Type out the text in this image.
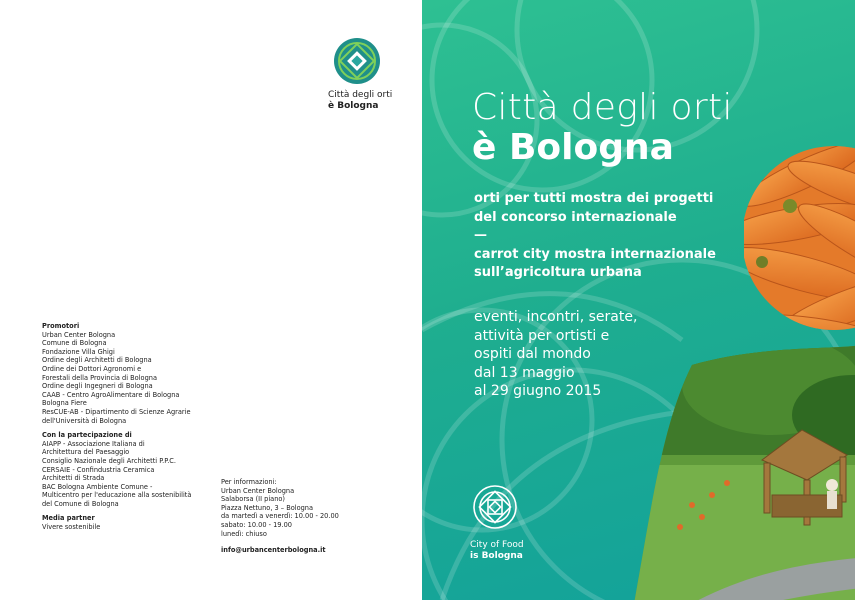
Città degli orti
è Bologna
Promotori
Urban Center Bologna
Comune di Bologna
Fondazione Villa Ghigi
Ordine degli Architetti di Bologna
Ordine dei Dottori Agronomi e
Forestali della Provincia di Bologna
Ordine degli Ingegneri di Bologna
CAAB - Centro AgroAlimentare di Bologna
Bologna Fiere
ResCUE-AB - Dipartimento di Scienze Agrarie
dell'Università di Bologna
Con la partecipazione di
AIAPP - Associazione Italiana di
Architettura del Paesaggio
Consiglio Nazionale degli Architetti P.P.C.
CERSAIE - Confindustria Ceramica
Architetti di Strada
BAC Bologna Ambiente Comune -
Multicentro per l'educazione alla sostenibilità
del Comune di Bologna
Media partner
Vivere sostenibile
Per informazioni:
Urban Center Bologna
Salaborsa (II piano)
Piazza Nettuno, 3 – Bologna
da martedì a venerdì: 10.00 - 20.00
sabato: 10.00 - 19.00
lunedì: chiuso
info@urbancenterbologna.it
Città degli orti
è Bologna
orti per tutti mostra dei progetti
del concorso internazionale
—
carrot city mostra internazionale
sull’agricoltura urbana
eventi, incontri, serate,
attività per ortisti e
ospiti dal mondo
dal 13 maggio
al 29 giugno 2015
City of Food
is Bologna
